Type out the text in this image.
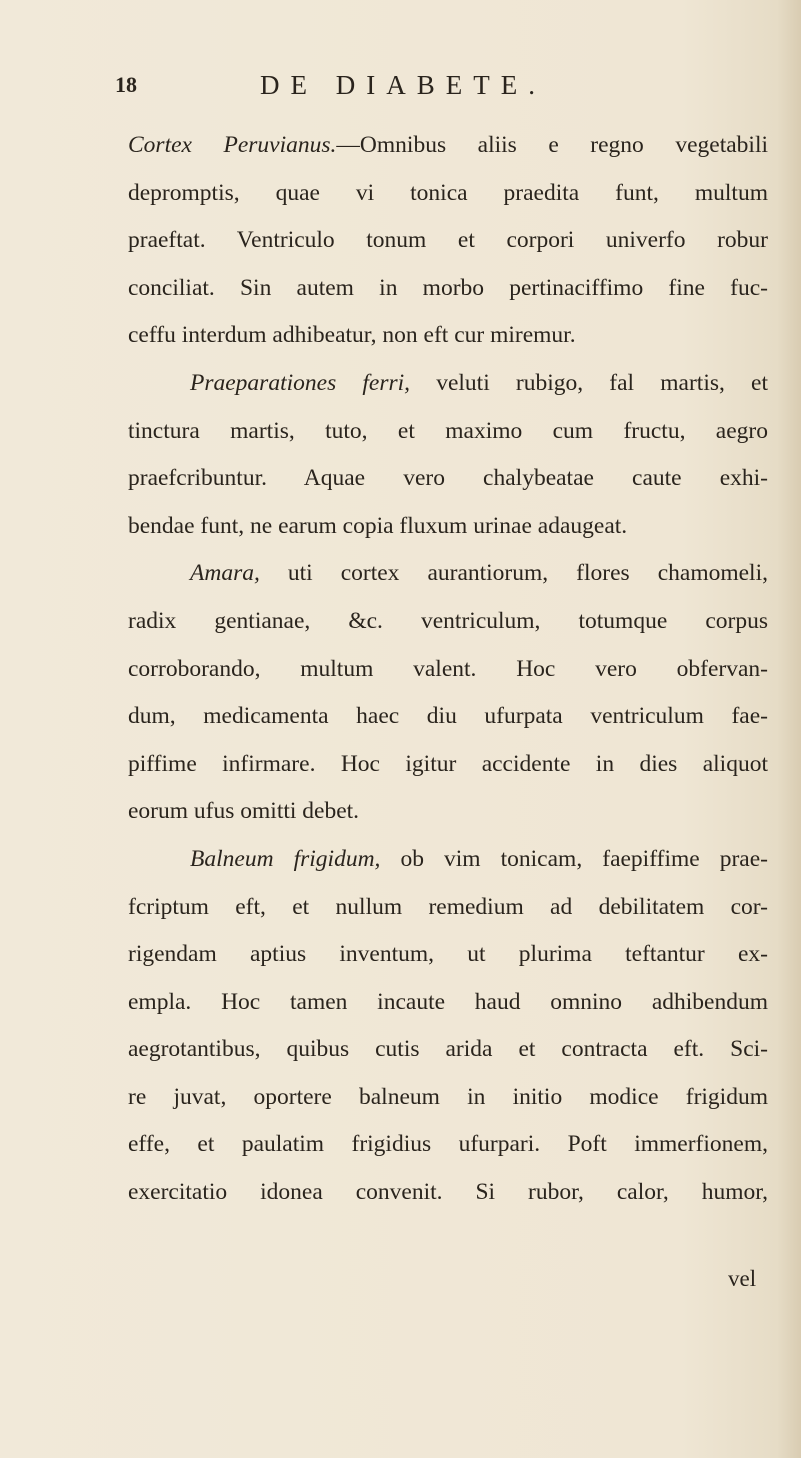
18	DE DIABETE.
Cortex Peruvianus.—Omnibus aliis e regno vegetabili
depromptis, quae vi tonica praedita funt, multum
praeftat. Ventriculo tonum et corpori univerfo robur
conciliat. Sin autem in morbo pertinaciffimo fine fuc-
ceffu interdum adhibeatur, non eft cur miremur.
Praeparationes ferri, veluti rubigo, fal martis, et
tinctura martis, tuto, et maximo cum fructu, aegro
praefcribuntur. Aquae vero chalybeatae caute exhi-
bendae funt, ne earum copia fluxum urinae adaugeat.
Amara, uti cortex aurantiorum, flores chamomeli,
radix gentianae, &c. ventriculum, totumque corpus
corroborando, multum valent. Hoc vero obfervan-
dum, medicamenta haec diu ufurpata ventriculum fae-
piffime infirmare. Hoc igitur accidente in dies aliquot
eorum ufus omitti debet.
Balneum frigidum, ob vim tonicam, faepiffime prae-
fcriptum eft, et nullum remedium ad debilitatem cor-
rigendam aptius inventum, ut plurima teftantur ex-
empla. Hoc tamen incaute haud omnino adhibendum
aegrotantibus, quibus cutis arida et contracta eft. Sci-
re juvat, oportere balneum in initio modice frigidum
effe, et paulatim frigidius ufurpari. Poft immerfionem,
exercitatio idonea convenit. Si rubor, calor, humor,
vel
